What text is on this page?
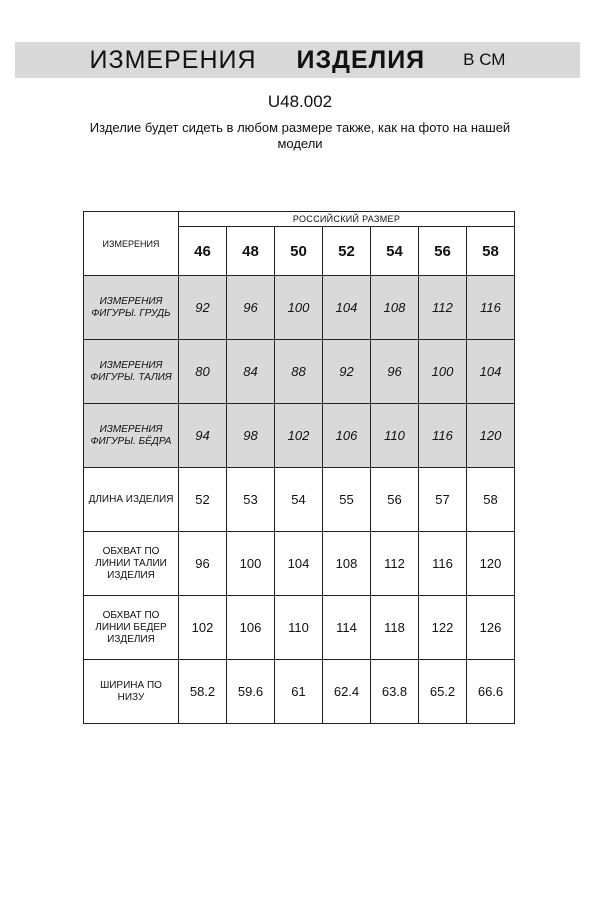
ИЗМЕРЕНИЯ ИЗДЕЛИЯ В СМ
U48.002
Изделие будет сидеть в любом размере также, как на фото на нашей модели
ИЗМЕРЕНИЯ	РОССИЙСКИЙ РАЗМЕР						
	46	48	50	52	54	56	58
ИЗМЕРЕНИЯ ФИГУРЫ. ГРУДЬ	92	96	100	104	108	112	116
ИЗМЕРЕНИЯ ФИГУРЫ. ТАЛИЯ	80	84	88	92	96	100	104
ИЗМЕРЕНИЯ ФИГУРЫ. БЁДРА	94	98	102	106	110	116	120
ДЛИНА ИЗДЕЛИЯ	52	53	54	55	56	57	58
ОБХВАТ ПО ЛИНИИ ТАЛИИ ИЗДЕЛИЯ	96	100	104	108	112	116	120
ОБХВАТ ПО ЛИНИИ БЕДЕР ИЗДЕЛИЯ	102	106	110	114	118	122	126
ШИРИНА ПО НИЗУ	58.2	59.6	61	62.4	63.8	65.2	66.6
